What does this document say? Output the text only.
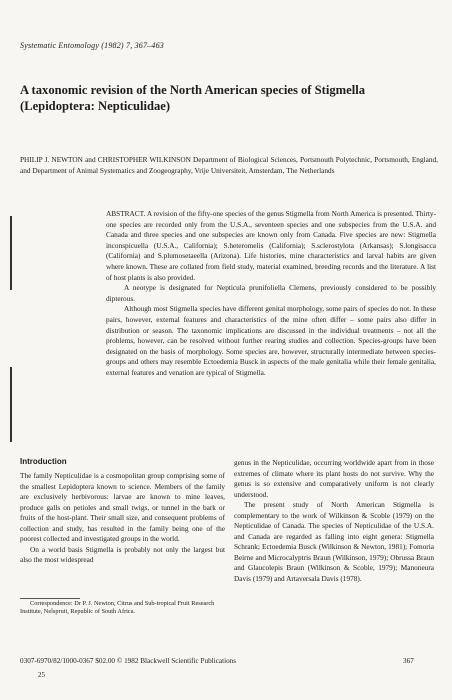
Systematic Entomology (1982) 7, 367–463
A taxonomic revision of the North American species of Stigmella (Lepidoptera: Nepticulidae)
PHILIP J. NEWTON and CHRISTOPHER WILKINSON Department of Biological Sciences, Portsmouth Polytechnic, Portsmouth, England, and Department of Animal Systematics and Zoogeography, Vrije Universiteit, Amsterdam, The Netherlands

ABSTRACT. A revision of the fifty-one species of the genus Stigmella from North America is presented. Thirty-one species are recorded only from the U.S.A., seventeen species and one subspecies from the U.S.A. and Canada and three species and one subspecies are known only from Canada. Five species are new: Stigmella inconspicuella (U.S.A., California); S.heteromelis (California); S.sclerostylota (Arkansas); S.longisacca (California) and S.plumosetaeella (Arizona). Life histories, mine characteristics and larval habits are given where known. These are collated from field study, material examined, breeding records and the literature. A list of host plants is also provided.

A neotype is designated for Nepticula prunifoliella Clemens, previously considered to be possibly dipterous.

Although most Stigmella species have different genital morphology, some pairs of species do not. In these pairs, however, external features and characteristics of the mine often differ – some pairs also differ in distribution or season. The taxonomic implications are discussed in the individual treatments – not all the problems, however, can be resolved without further rearing studies and collection. Species-groups have been designated on the basis of morphology. Some species are, however, structurally intermediate between species-groups and others may resemble Ectoedemia Busck in aspects of the male genitalia while their female genitalia, external features and venation are typical of Stigmella.

Introduction

The family Nepticulidae is a cosmopolitan group comprising some of the smallest Lepidoptera known to science. Members of the family are exclusively herbivorous: larvae are known to mine leaves, produce galls on petioles and small twigs, or tunnel in the bark or fruits of the host-plant. Their small size, and consequent problems of collection and study, has resulted in the family being one of the poorest collected and investigated groups in the world.

On a world basis Stigmella is probably not only the largest but also the most widespread

Correspondence: Dr P. J. Newton, Citrus and Sub-tropical Fruit Research Institute, Nelspruit, Republic of South Africa.

genus in the Nepticulidae, occurring worldwide apart from in those extremes of climate where its plant hosts do not survive. Why the genus is so extensive and comparatively uniform is not clearly understood.

The present study of North American Stigmella is complementary to the work of Wilkinson & Scoble (1979) on the Nepticulidae of Canada. The species of Nepticulidae of the U.S.A. and Canada are regarded as falling into eight genera: Stigmella Schrank; Ectoedemia Busck (Wilkinson & Newton, 1981); Fomoria Beirne and Microcalyptris Braun (Wilkinson, 1979); Obrussa Braun and Glaucolepis Braun (Wilkinson & Scoble, 1979); Manoneura Davis (1979) and Artaversala Davis (1978).

0307-6970/82/1000-0367 $02.00 © 1982 Blackwell Scientific Publications	367
25
